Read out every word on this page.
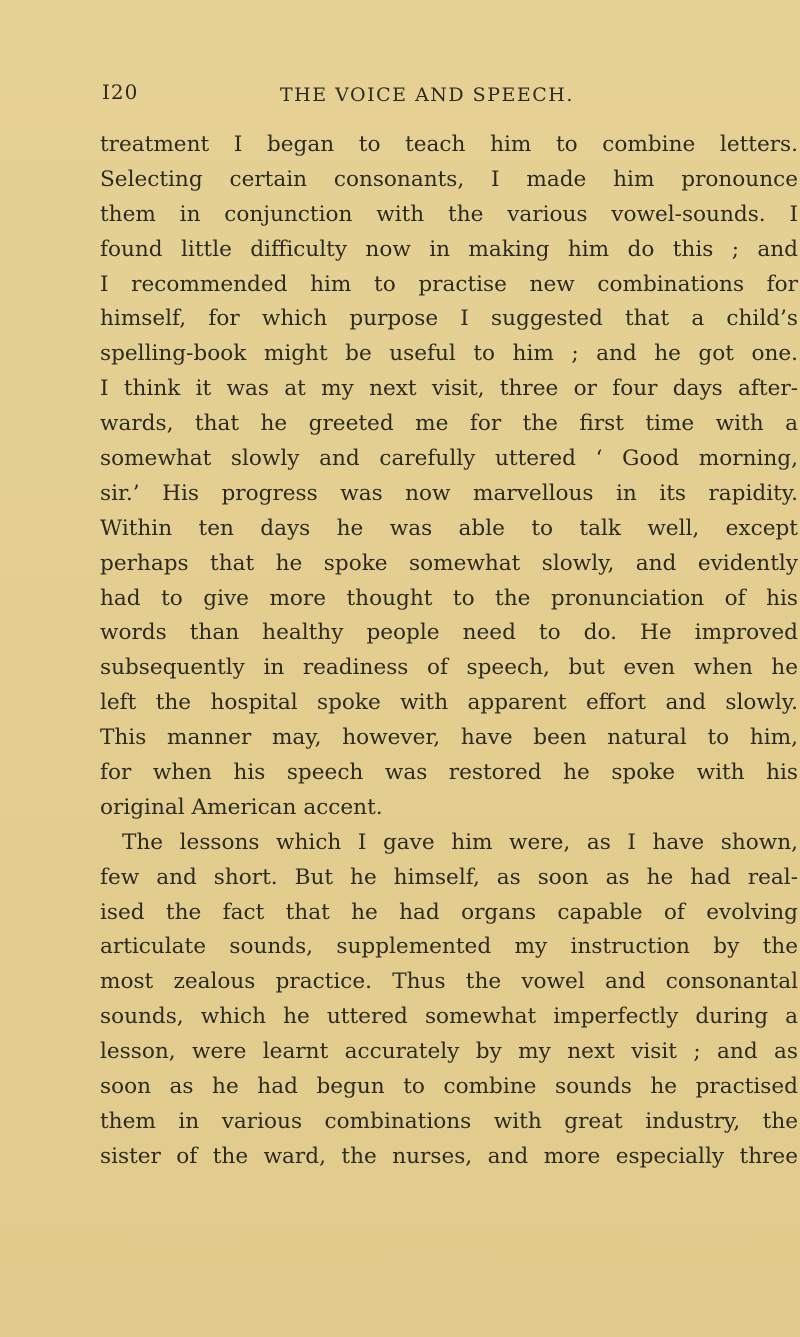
I20	THE VOICE AND SPEECH.
treatment I began to teach him to combine letters.
Selecting certain consonants, I made him pronounce
them in conjunction with the various vowel-sounds. I
found little difficulty now in making him do this ; and
I recommended him to practise new combinations for
himself, for which purpose I suggested that a child’s
spelling-book might be useful to him ; and he got one.
I think it was at my next visit, three or four days after-
wards, that he greeted me for the first time with a
somewhat slowly and carefully uttered ‘ Good morning,
sir.’ His progress was now marvellous in its rapidity.
Within ten days he was able to talk well, except
perhaps that he spoke somewhat slowly, and evidently
had to give more thought to the pronunciation of his
words than healthy people need to do. He improved
subsequently in readiness of speech, but even when he
left the hospital spoke with apparent effort and slowly.
This manner may, however, have been natural to him,
for when his speech was restored he spoke with his
original American accent.
The lessons which I gave him were, as I have shown,
few and short. But he himself, as soon as he had real-
ised the fact that he had organs capable of evolving
articulate sounds, supplemented my instruction by the
most zealous practice. Thus the vowel and consonantal
sounds, which he uttered somewhat imperfectly during a
lesson, were learnt accurately by my next visit ; and as
soon as he had begun to combine sounds he practised
them in various combinations with great industry, the
sister of the ward, the nurses, and more especially three
